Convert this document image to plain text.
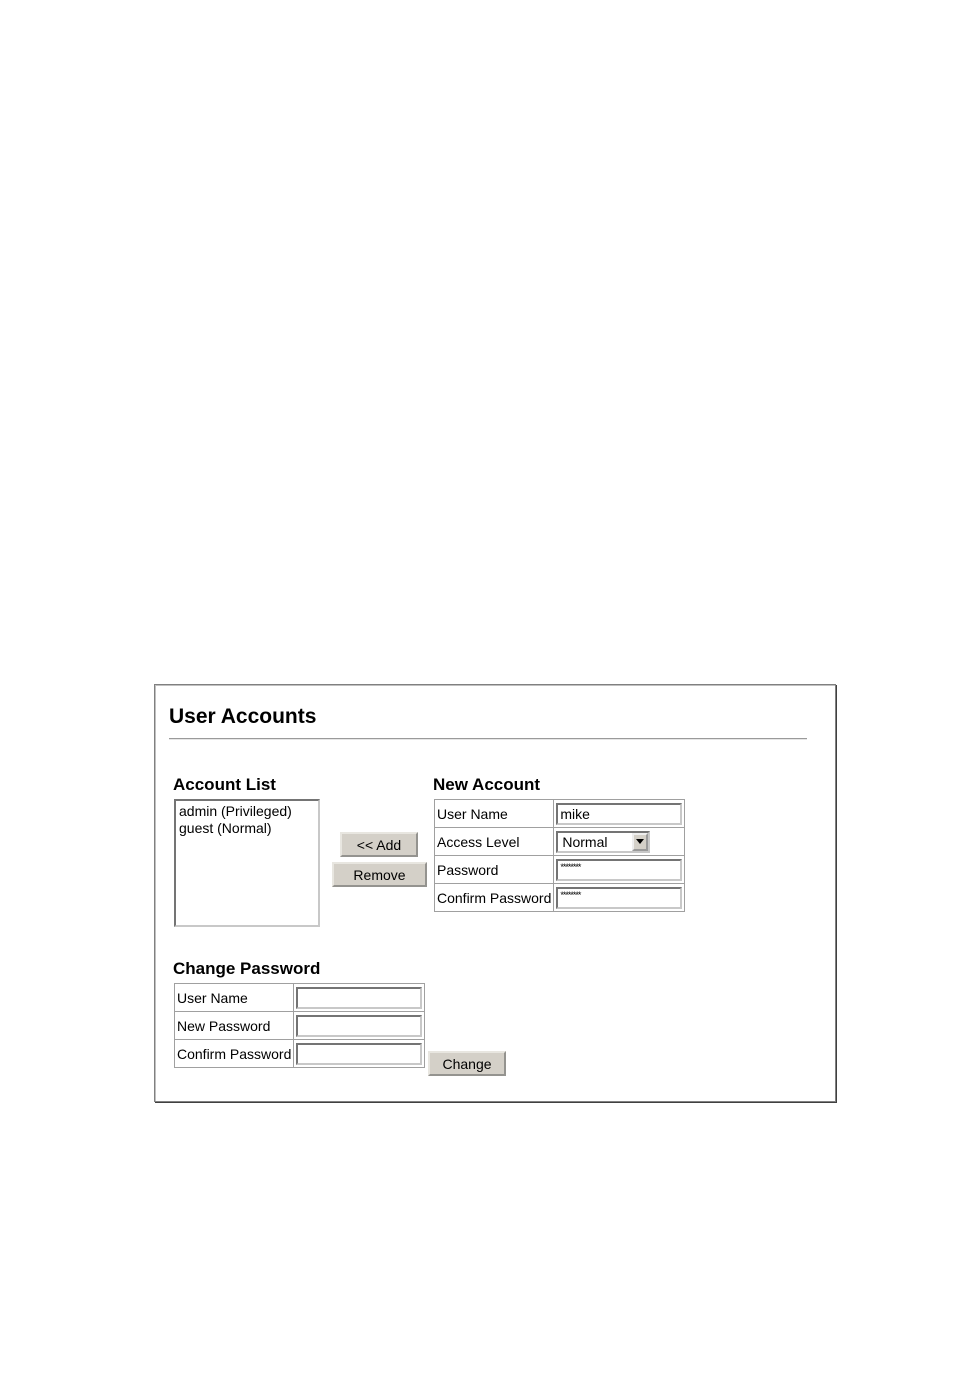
User Accounts
Account List
admin (Privileged)
guest (Normal)
<< Add
Remove
New Account
User Name	mike

Access Level	Normal

Password	********

Confirm Password	********
Change Password
User Name	

New Password	

Confirm Password	
Change
